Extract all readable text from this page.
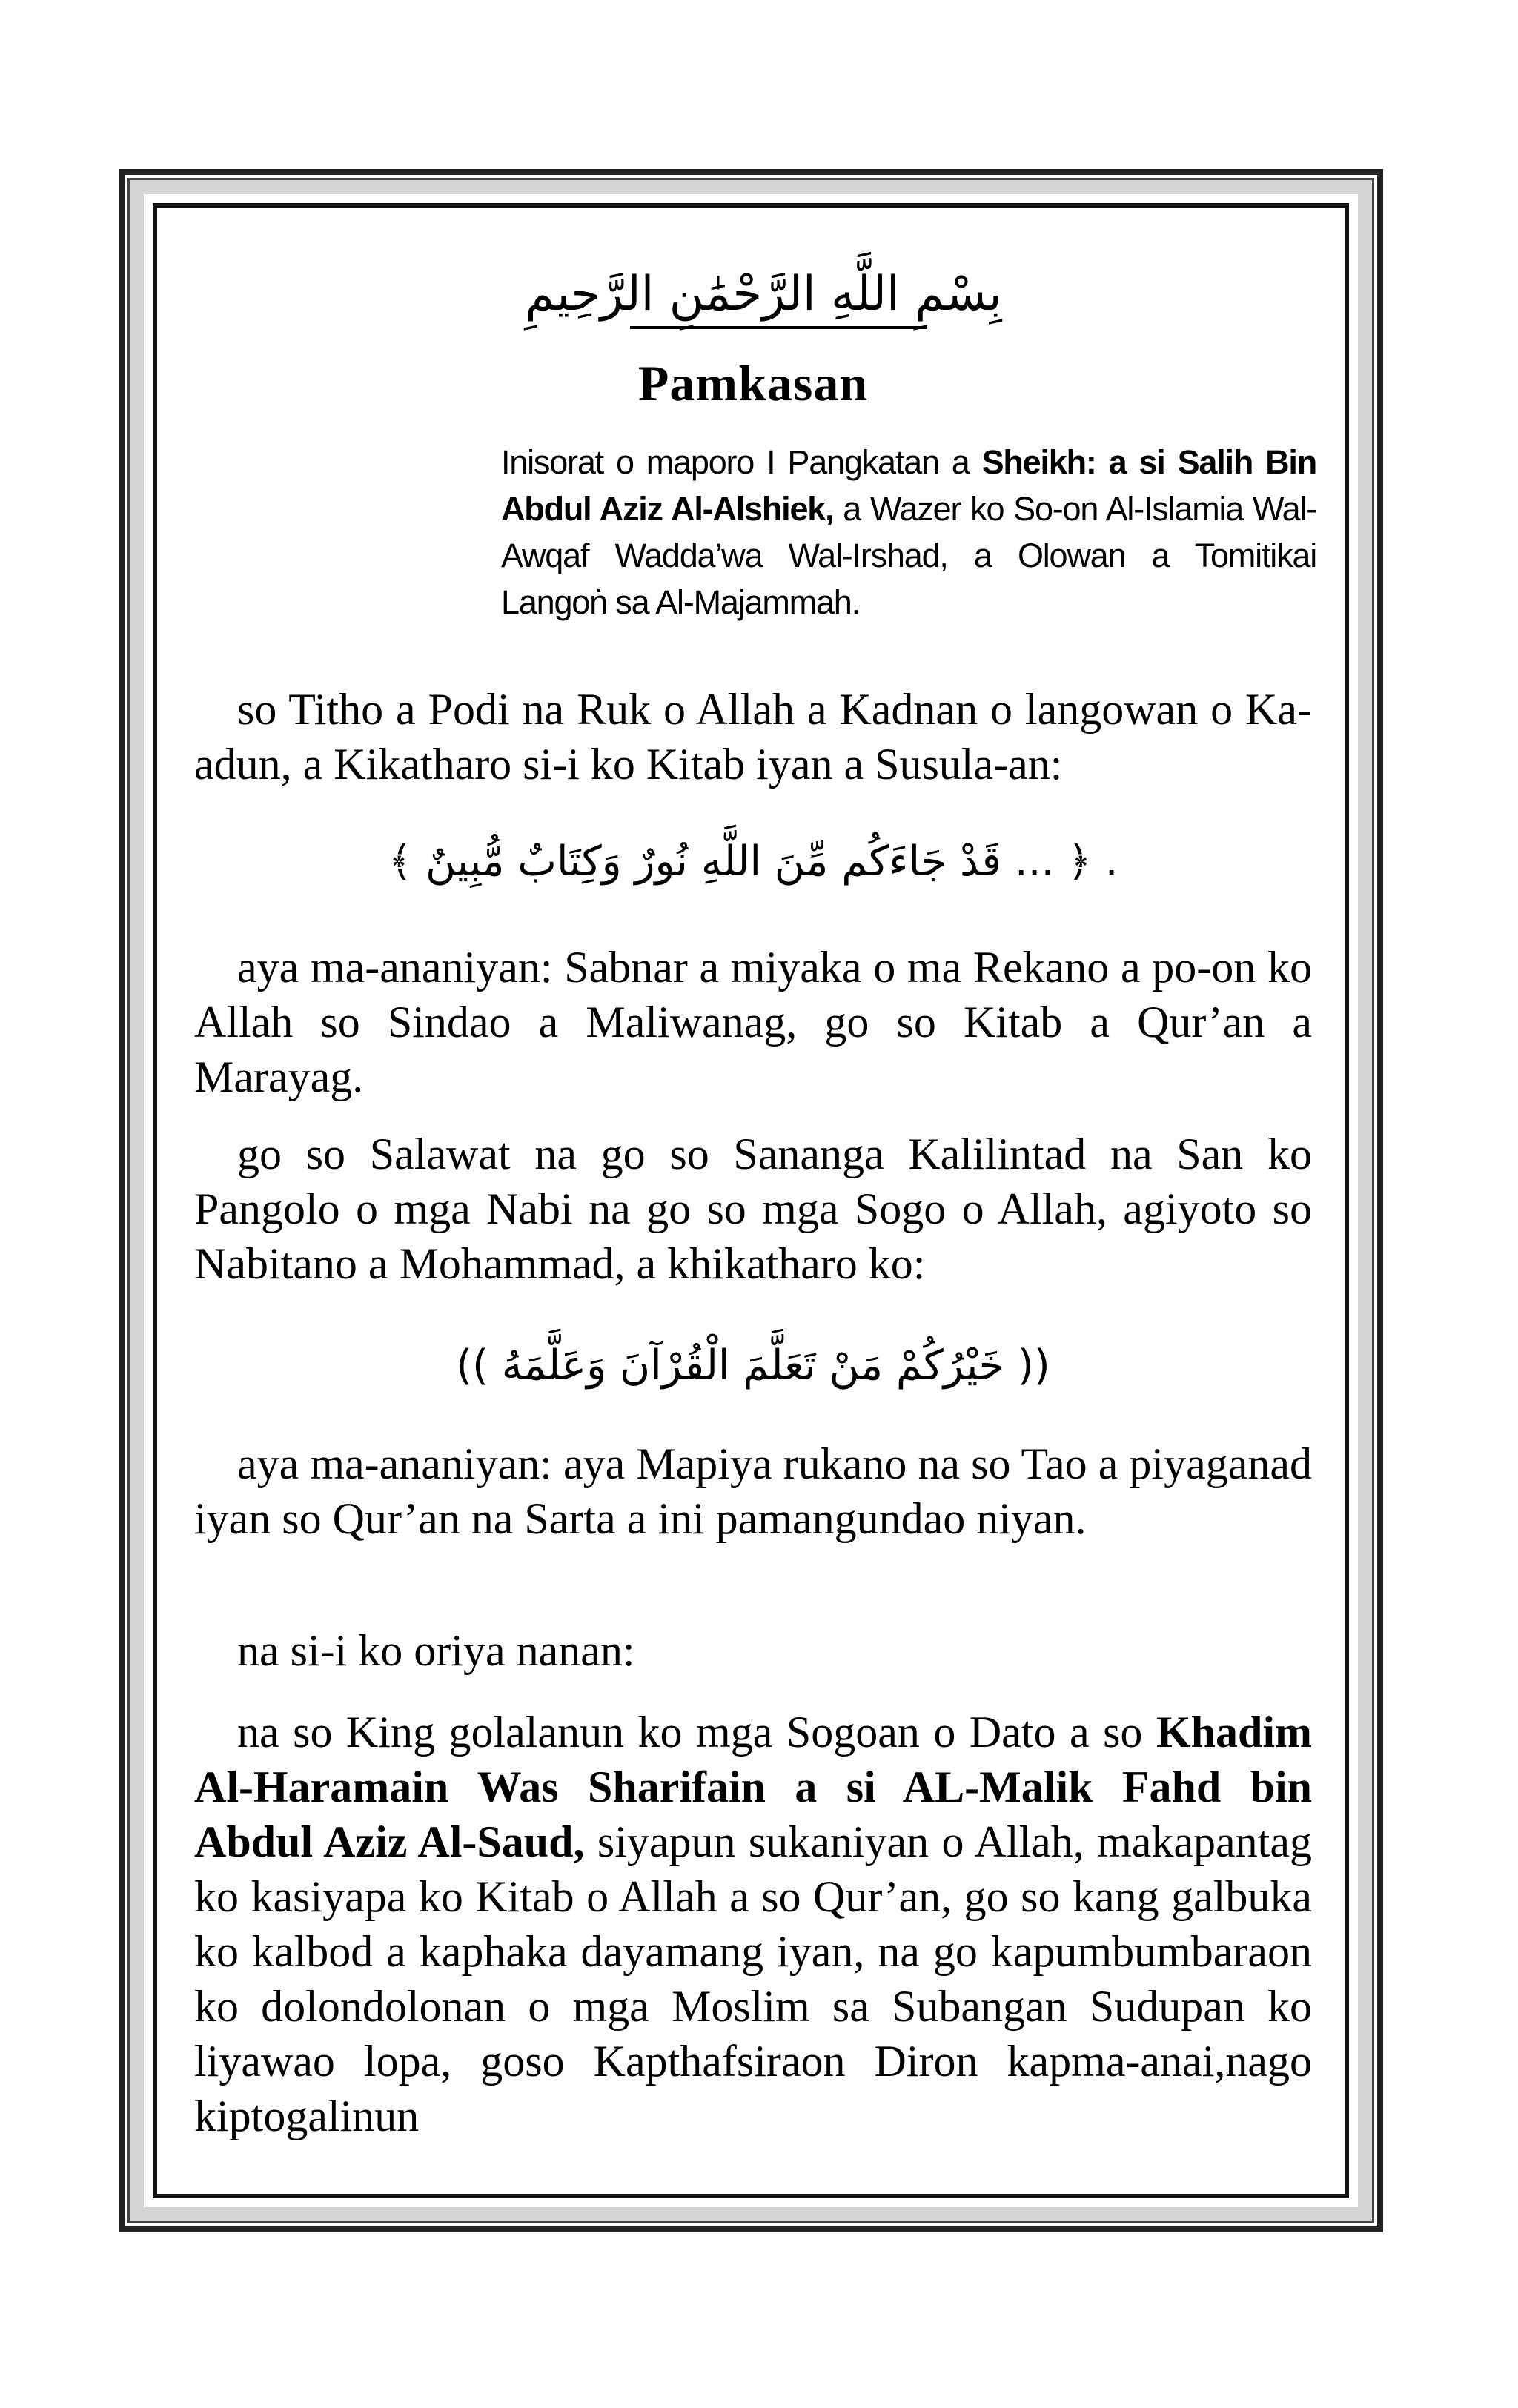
بِسْمِ اللَّهِ الرَّحْمَٰنِ الرَّحِيمِ
Pamkasan
Inisorat o maporo I Pangkatan a Sheikh: a si Salih Bin Abdul Aziz Al-Alshiek, a Wazer ko So-on Al-Islamia Wal-Awqaf Wadda’wa Wal-Irshad, a Olowan a Tomitikai Langoṅ sa Al-Majammah.
so Titho a Podi na Ruk o Allah a Kadnan o langowan o Ka-adun, a Kikatharo si-i ko Kitab iyan a Susula-an:
. ﴿ ... قَدْ جَاءَكُم مِّنَ اللَّهِ نُورٌ وَكِتَابٌ مُّبِينٌ ﴾
aya ma-ananiyan: Sabnar a miyaka o ma Rekano a po-on ko Allah so Sindao a Maliwanag, go so Kitab a Qur’an a Marayag.
go so Salawat na go so Sananga Kalilintad na San ko Pangolo o mga Nabi na go so mga Sogo o Allah, agiyoto so Nabitano a Mohammad, a khikatharo ko:
(( خَيْرُكُمْ مَنْ تَعَلَّمَ الْقُرْآنَ وَعَلَّمَهُ ))
aya ma-ananiyan: aya Mapiya rukano na so Tao a piyaganad iyan so Qur’an na Sarta a ini pamangundao niyan.
na si-i ko oriya nanan:
na so King golalanun ko mga Sogoan o Dato a so Khadim Al-Haramain Was Sharifain a si AL-Malik Fahd bin Abdul Aziz Al-Saud, siyapun sukaniyan o Allah, makapantag ko kasiyapa ko Kitab o Allah a so Qur’an, go so kang galbuka ko kalbod a kaphaka dayamang iyan, na go kapumbumbaraon ko dolondolonan o mga Moslim sa Subangan Sudupan ko liyawao lopa, goso Kapthafsiraon Diron kapma-anai,nago kiptogalinun
